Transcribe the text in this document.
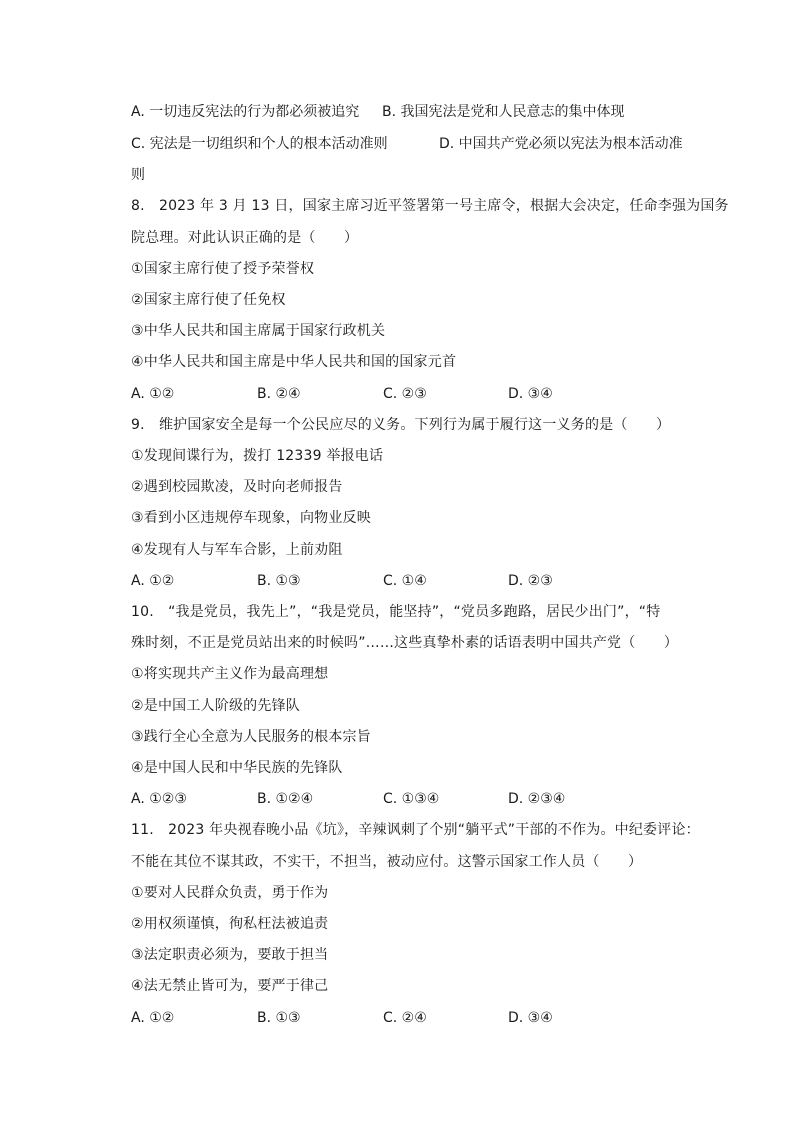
A. 一切违反宪法的行为都必须被追究 B. 我国宪法是党和人民意志的集中体现
C. 宪法是一切组织和个人的根本活动准则	D. 中国共产党必须以宪法为根本活动准
则
8.　2023 年 3 月 13 日，国家主席习近平签署第一号主席令，根据大会决定，任命李强为国务
院总理。对此认识正确的是（　　）
①国家主席行使了授予荣誉权
②国家主席行使了任免权
③中华人民共和国主席属于国家行政机关
④中华人民共和国主席是中华人民共和国的国家元首
A. ①②	B. ②④	C. ②③	D. ③④
9.　维护国家安全是每一个公民应尽的义务。下列行为属于履行这一义务的是（　　）
①发现间谍行为，拨打 12339 举报电话
②遇到校园欺凌，及时向老师报告
③看到小区违规停车现象，向物业反映
④发现有人与军车合影，上前劝阻
A. ①②	B. ①③	C. ①④	D. ②③
10.　“我是党员，我先上”，“我是党员，能坚持”，“党员多跑路，居民少出门”，“特
殊时刻，不正是党员站出来的时候吗”……这些真挚朴素的话语表明中国共产党（　　）
①将实现共产主义作为最高理想
②是中国工人阶级的先锋队
③践行全心全意为人民服务的根本宗旨
④是中国人民和中华民族的先锋队
A. ①②③	B. ①②④	C. ①③④	D. ②③④
11.　2023 年央视春晚小品《坑》，辛辣讽刺了个别“躺平式”干部的不作为。中纪委评论：
不能在其位不谋其政，不实干，不担当，被动应付。这警示国家工作人员（　　）
①要对人民群众负责，勇于作为
②用权须谨慎，徇私枉法被追责
③法定职责必须为，要敢于担当
④法无禁止皆可为，要严于律己
A. ①②	B. ①③	C. ②④	D. ③④
